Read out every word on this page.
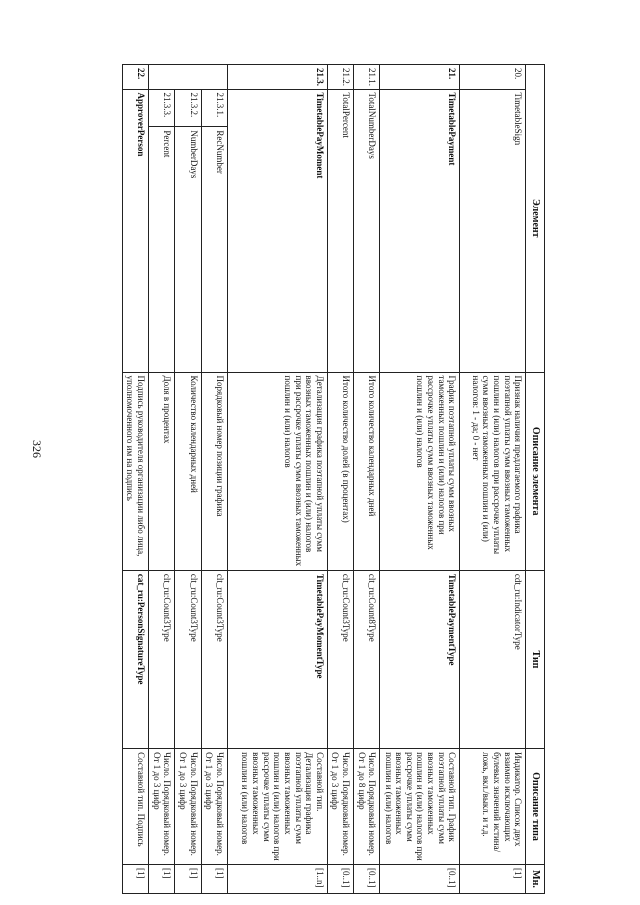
326
Элемент			Описание элемента	Тип	Описание типа	Мн.
20.	TimetableSign		Признак наличия предлагаемого графика поэтапной уплаты сумм ввозных таможенных пошлин и (или) налогов при рассрочке уплаты сумм ввозных таможенных пошлин и (или) налогов: 1 - да; 0 - нет	cdt_ru:IndicatorType	Индикатор. Список двух взаимно исключающих булевых значений истина/ложь, вкл./выкл. и т.д.	[1]
21.	TimetablePayment		График поэтапной уплаты сумм ввозных таможенных пошлин и (или) налогов при рассрочке уплаты сумм ввозных таможенных пошлин и (или) налогов	TimetablePaymentType	Составной тип. График поэтапной уплаты сумм ввозных таможенных пошлин и (или) налогов при рассрочке уплаты сумм ввозных таможенных пошлин и (или) налогов	[0..1]
21.1.	TotalNumberDays		Итого количество календарных дней	clt_ru:Count8Type	Число. Порядковый номер. От 1 до 8 цифр	[0..1]
21.2.	TotalPercent		Итого количество долей (в процентах)	clt_ru:Count3Type	Число. Порядковый номер. От 1 до 3 цифр	[0..1]
21.3.	TimetablePayMoment		Детализация графика поэтапной уплаты сумм ввозных таможенных пошлин и (или) налогов при рассрочке уплаты сумм ввозных таможенных пошлин и (или) налогов	TimetablePayMomentType	Составной тип. Детализация графика поэтапной уплаты сумм ввозных таможенных пошлин и (или) налогов при рассрочке уплаты сумм ввозных таможенных пошлин и (или) налогов	[1..n]
	21.3.1.	RecNumber	Порядковый номер позиции графика	clt_ru:Count3Type	Число. Порядковый номер. От 1 до 3 цифр	[1]
	21.3.2.	NumberDays	Количество календарных дней	clt_ru:Count3Type	Число. Порядковый номер. От 1 до 3 цифр	[1]
	21.3.3.	Percent	Доля в процентах	clt_ru:Count3Type	Число. Порядковый номер. От 1 до 3 цифр	[1]
22.	ApproverPerson		Подпись руководителя организации либо лица, уполномоченного им на подпись	cat_ru:PersonSignatureType	Составной тип. Подпись	[1]
